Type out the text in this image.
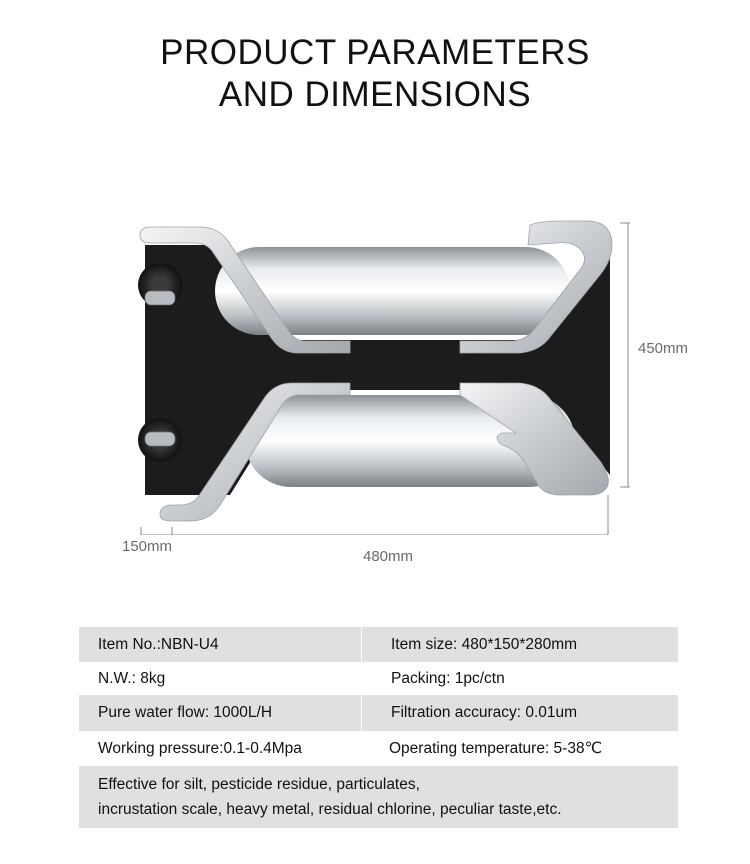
PRODUCT PARAMETERS
AND DIMENSIONS
450mm
150mm
480mm
Item No.:NBN-U4	Item size: 480*150*280mm
N.W.: 8kg	Packing: 1pc/ctn
Pure water flow: 1000L/H	Filtration accuracy: 0.01um
Working pressure:0.1-0.4Mpa	Operating temperature: 5-38℃
Effective for silt, pesticide residue, particulates,
incrustation scale, heavy metal, residual chlorine, peculiar taste,etc.
